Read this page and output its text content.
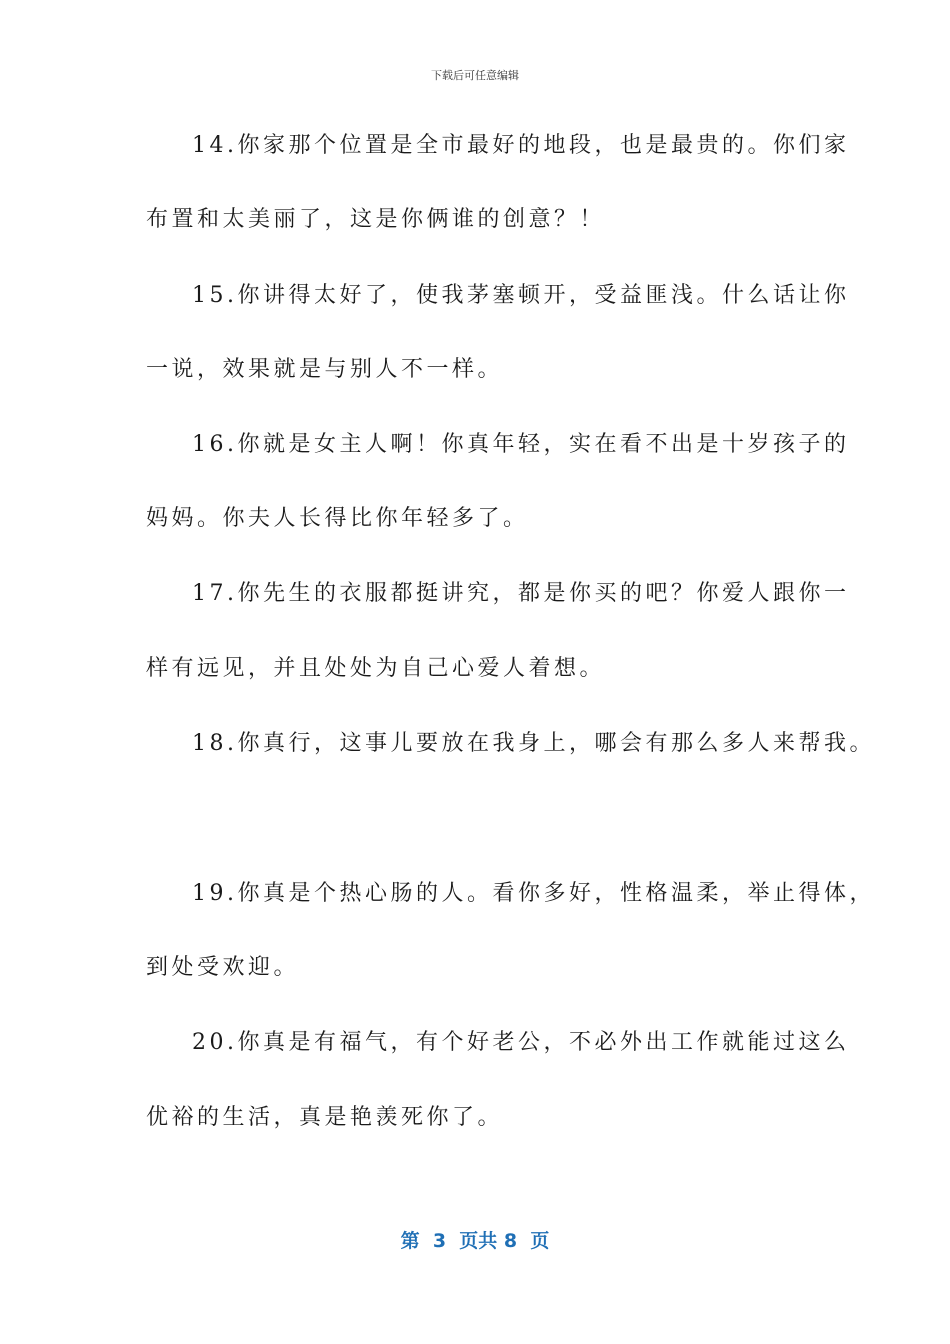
下载后可任意编辑
14.你家那个位置是全市最好的地段，也是最贵的。你们家
布置和太美丽了，这是你俩谁的创意？！
15.你讲得太好了，使我茅塞顿开，受益匪浅。什么话让你
一说，效果就是与别人不一样。
16.你就是女主人啊！你真年轻，实在看不出是十岁孩子的
妈妈。你夫人长得比你年轻多了。
17.你先生的衣服都挺讲究，都是你买的吧？你爱人跟你一
样有远见，并且处处为自己心爱人着想。
18.你真行，这事儿要放在我身上，哪会有那么多人来帮我。
19.你真是个热心肠的人。看你多好，性格温柔，举止得体，
到处受欢迎。
20.你真是有福气，有个好老公，不必外出工作就能过这么
优裕的生活，真是艳羡死你了。
第  3  页共 8  页
